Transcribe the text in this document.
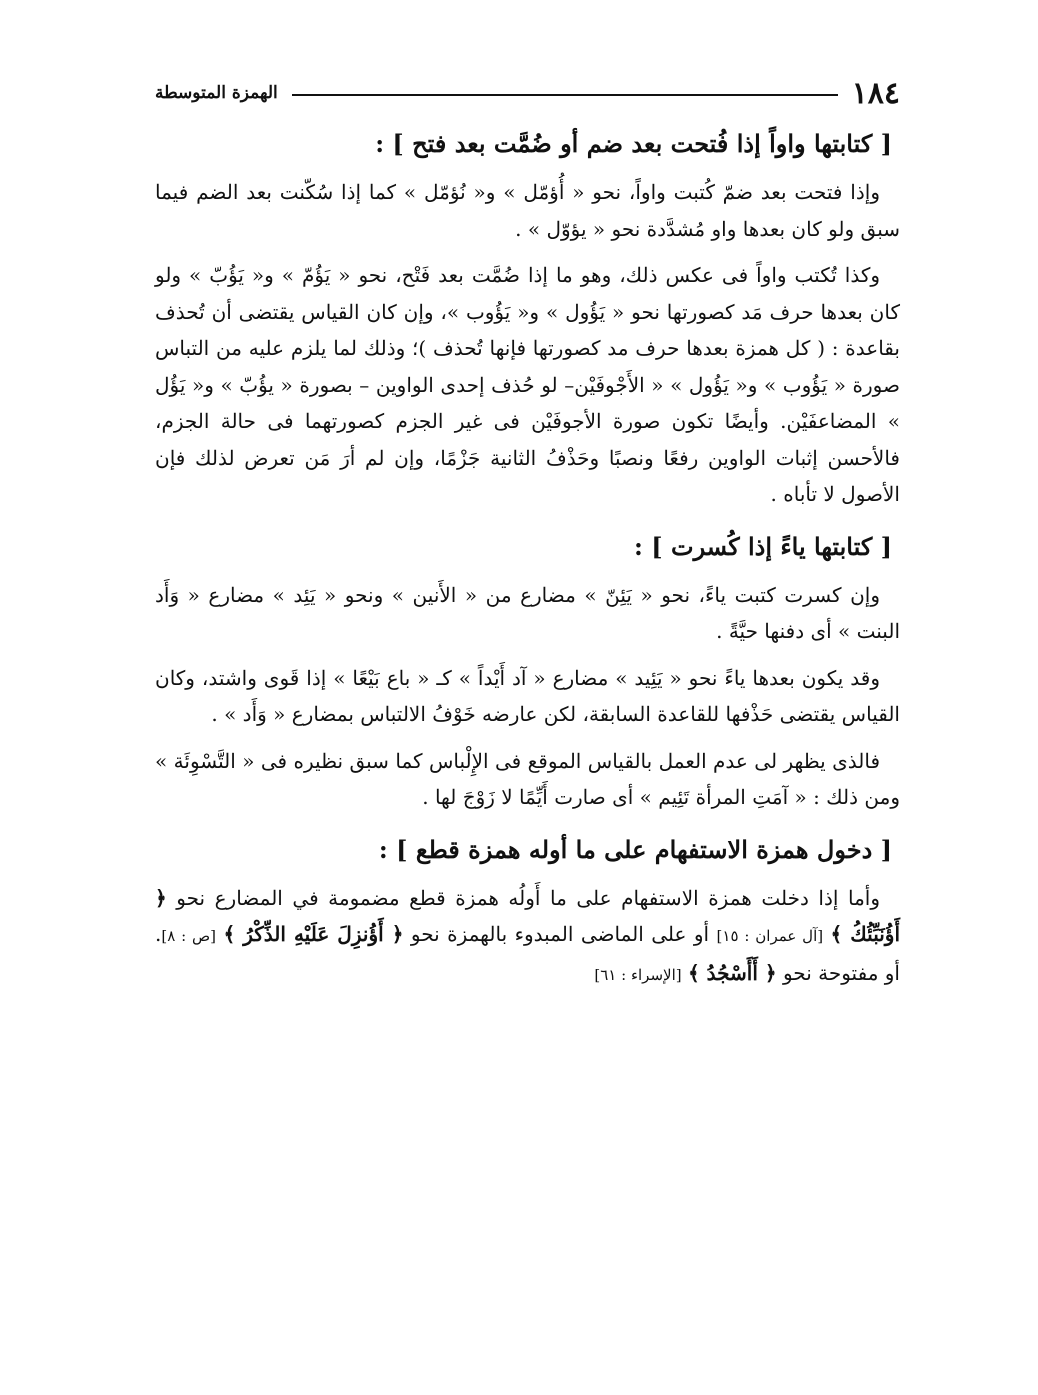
١٨٤
الهمزة المتوسطة
[ كتابتها واواً إذا فُتحت بعد ضم أو ضُمَّت بعد فتح ] :

وإذا فتحت بعد ضمّ كُتبت واواً، نحو « أُؤمّل » و« نُؤمّل » كما إذا سُكّنت بعد الضم فيما سبق ولو كان بعدها واو مُشدَّدة نحو « يؤوّل » .

وكذا تُكتب واواً فى عكس ذلك، وهو ما إذا ضُمَّت بعد فَتْح، نحو « يَؤُمّ » و« يَؤُبّ » ولو كان بعدها حرف مَد كصورتها نحو « يَؤُول » و« يَؤُوب »، وإن كان القياس يقتضى أن تُحذف بقاعدة : ( كل همزة بعدها حرف مد كصورتها فإنها تُحذف )؛ وذلك لما يلزم عليه من التباس صورة « يَؤُوب » و« يَؤُول » « الأَجْوفَيْن– لو حُذف إحدى الواوين – بصورة « يؤُبّ » و« يَؤُل » المضاعفَيْن. وأيضًا تكون صورة الأجوفَيْن فى غير الجزم كصورتهما فى حالة الجزم، فالأحسن إثبات الواوين رفعًا ونصبًا وحَذْفُ الثانية جَزْمًا، وإن لم أرَ مَن تعرض لذلك فإن الأصول لا تأباه .

[ كتابتها ياءً إذا كُسرت ] :

وإن كسرت كتبت ياءً، نحو « يَئِنّ » مضارع من « الأَنين » ونحو « يَئِد » مضارع « وَأَد البنت » أى دفنها حيَّةً .

وقد يكون بعدها ياءً نحو « يَئِيد » مضارع « آد أَيْداً » كـ « باع بَيْعًا » إذا قَوى واشتد، وكان القياس يقتضى حَذْفها للقاعدة السابقة، لكن عارضه خَوْفُ الالتباس بمضارع « وَأَد » .

فالذى يظهر لى عدم العمل بالقياس الموقع فى الإِلْباس كما سبق نظيره فى « التَّسْوِئَة » ومن ذلك : « آمَتِ المرأة تَئِيم » أى صارت أَيِّمًا لا زَوْجَ لها .

[ دخول همزة الاستفهام على ما أوله همزة قطع ] :

وأما إذا دخلت همزة الاستفهام على ما أَولُه همزة قطع مضمومة في المضارع نحو ﴿ أَؤُنَبِّئُكُ ﴾ [آل عمران : ١٥] أو على الماضى المبدوء بالهمزة نحو ﴿ أَؤُنزِلَ عَلَيْهِ الذِّكْرُ ﴾ [ص : ٨]. أو مفتوحة نحو ﴿ أَأَسْجُدُ ﴾ [الإسراء : ٦١]
